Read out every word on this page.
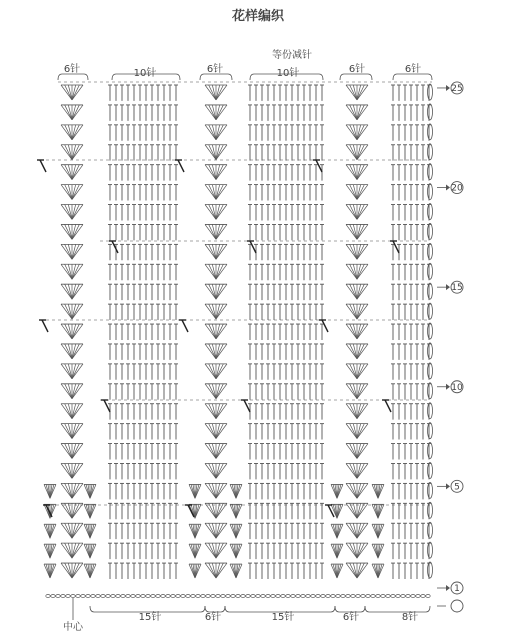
花样编织
等份减针
6针	10针	6针	10针	6针	6针
中心
15针	6针	15针	6针	8针
25
20
15
10
5
1
